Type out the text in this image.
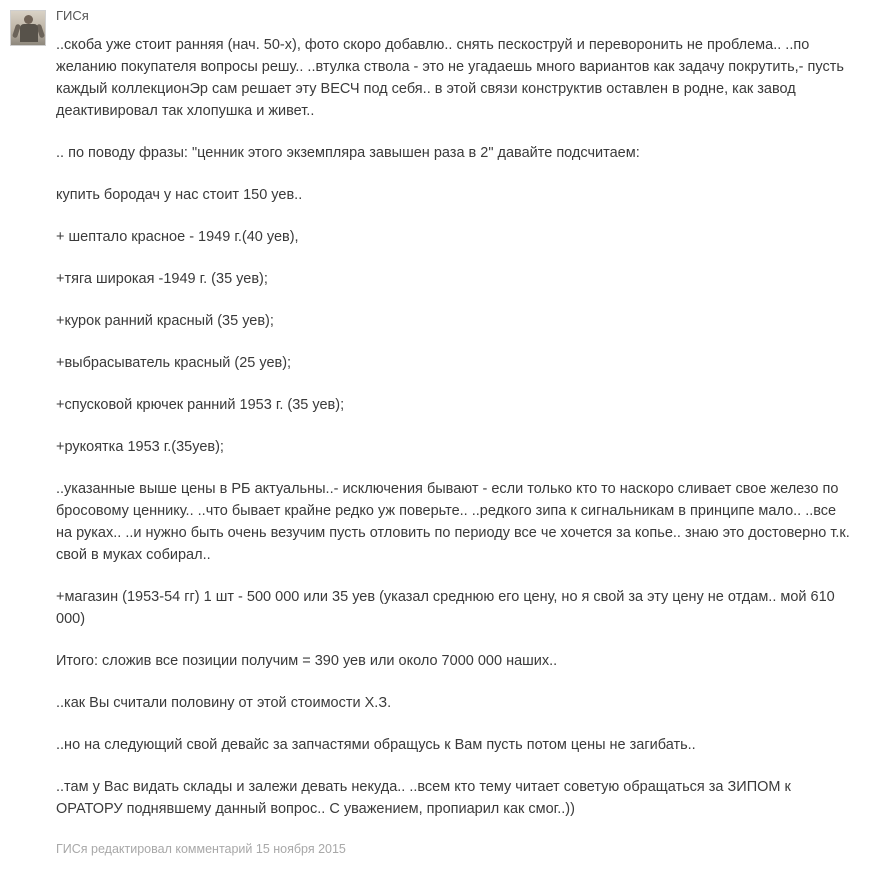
ГИСя

..скоба уже стоит ранняя (нач. 50-х), фото скоро добавлю.. снять пескоструй и переворонить не проблема.. ..по желанию покупателя вопросы решу.. ..втулка ствола - это не угадаешь много вариантов как задачу покрутить,- пусть каждый коллекционЭр сам решает эту ВЕСЧ под себя.. в этой связи конструктив оставлен в родне, как завод деактивировал так хлопушка и живет..

.. по поводу фразы: "ценник этого экземпляра завышен раза в 2" давайте подсчитаем:

купить бородач у нас стоит 150 уев..

+ шептало красное - 1949 г.(40 уев),

+тяга широкая -1949 г. (35 уев);

+курок ранний красный (35 уев);

+выбрасыватель красный (25 уев);

+спусковой крючек ранний 1953 г. (35 уев);

+рукоятка 1953 г.(35уев);

..указанные выше цены в РБ актуальны..- исключения бывают - если только кто то наскоро сливает свое железо по бросовому ценнику.. ..что бывает крайне редко уж поверьте.. ..редкого зипа к сигнальникам в принципе мало.. ..все на руках.. ..и нужно быть очень везучим пусть отловить по периоду все че хочется за копье.. знаю это достоверно т.к. свой в муках собирал..

+магазин (1953-54 гг) 1 шт - 500 000 или 35 уев (указал среднюю его цену, но я свой за эту цену не отдам.. мой 610 000)

Итого: сложив все позиции получим = 390 уев или около 7000 000 наших..

..как Вы считали половину от этой стоимости Х.З.

..но на следующий свой девайс за запчастями обращусь к Вам пусть потом цены не загибать..

..там у Вас видать склады и залежи девать некуда.. ..всем кто тему читает советую обращаться за ЗИПОМ к ОРАТОРУ поднявшему данный вопрос.. С уважением, пропиарил как смог..))

ГИСя редактировал комментарий 15 ноября 2015
